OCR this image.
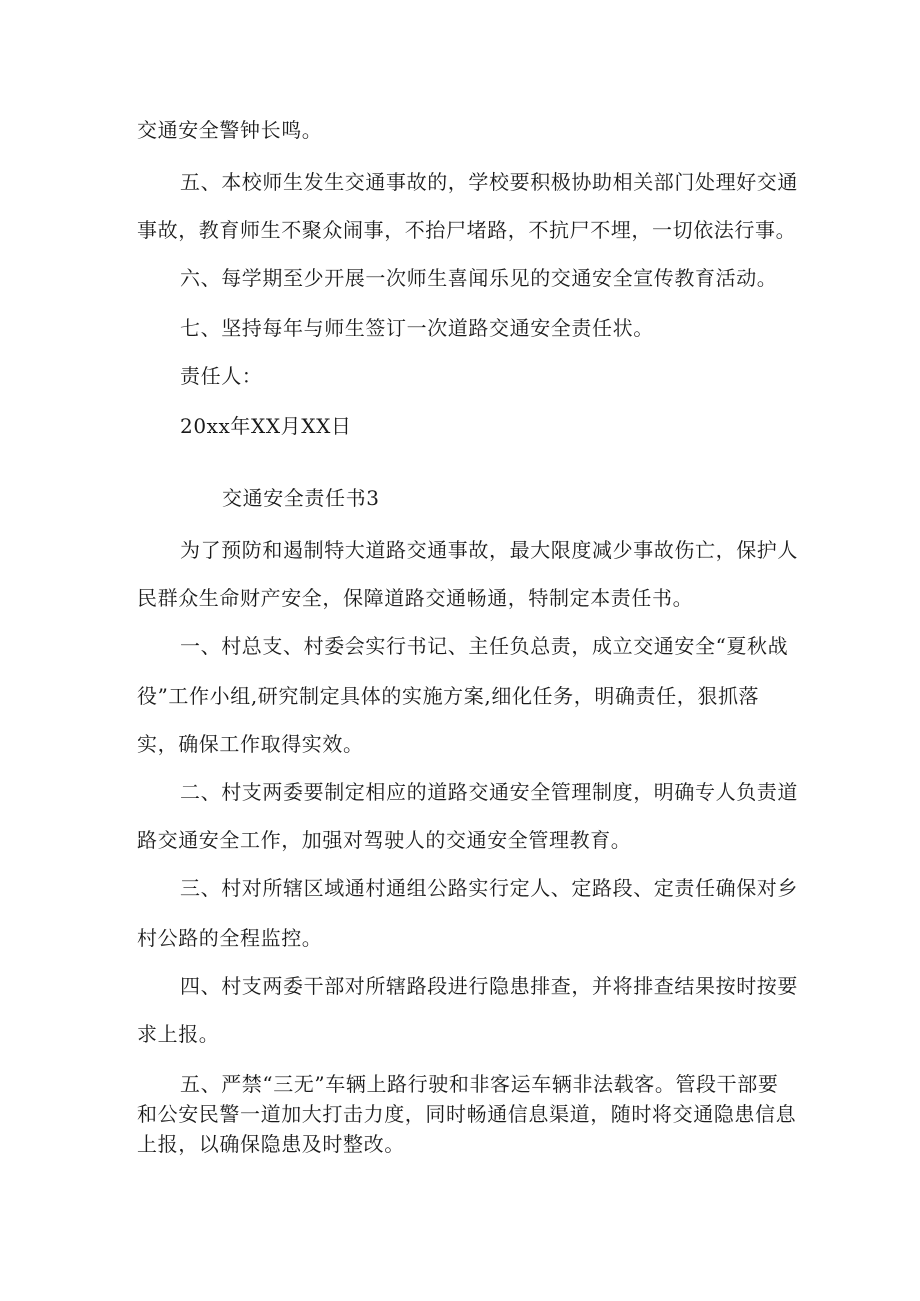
交通安全警钟长鸣。

五、本校师生发生交通事故的，学校要积极协助相关部门处理好交通

事故，教育师生不聚众闹事，不抬尸堵路，不抗尸不埋，一切依法行事。

六、每学期至少开展一次师生喜闻乐见的交通安全宣传教育活动。

七、坚持每年与师生签订一次道路交通安全责任状。

责任人：

20xx年XX月XX日

交通安全责任书3

为了预防和遏制特大道路交通事故，最大限度减少事故伤亡，保护人

民群众生命财产安全，保障道路交通畅通，特制定本责任书。

一、村总支、村委会实行书记、主任负总责，成立交通安全“夏秋战

役”工作小组,研究制定具体的实施方案,细化任务，明确责任，狠抓落

实，确保工作取得实效。

二、村支两委要制定相应的道路交通安全管理制度，明确专人负责道

路交通安全工作，加强对驾驶人的交通安全管理教育。

三、村对所辖区域通村通组公路实行定人、定路段、定责任确保对乡

村公路的全程监控。

四、村支两委干部对所辖路段进行隐患排查，并将排查结果按时按要

求上报。

五、严禁“三无”车辆上路行驶和非客运车辆非法载客。管段干部要

和公安民警一道加大打击力度，同时畅通信息渠道，随时将交通隐患信息

上报，以确保隐患及时整改。
